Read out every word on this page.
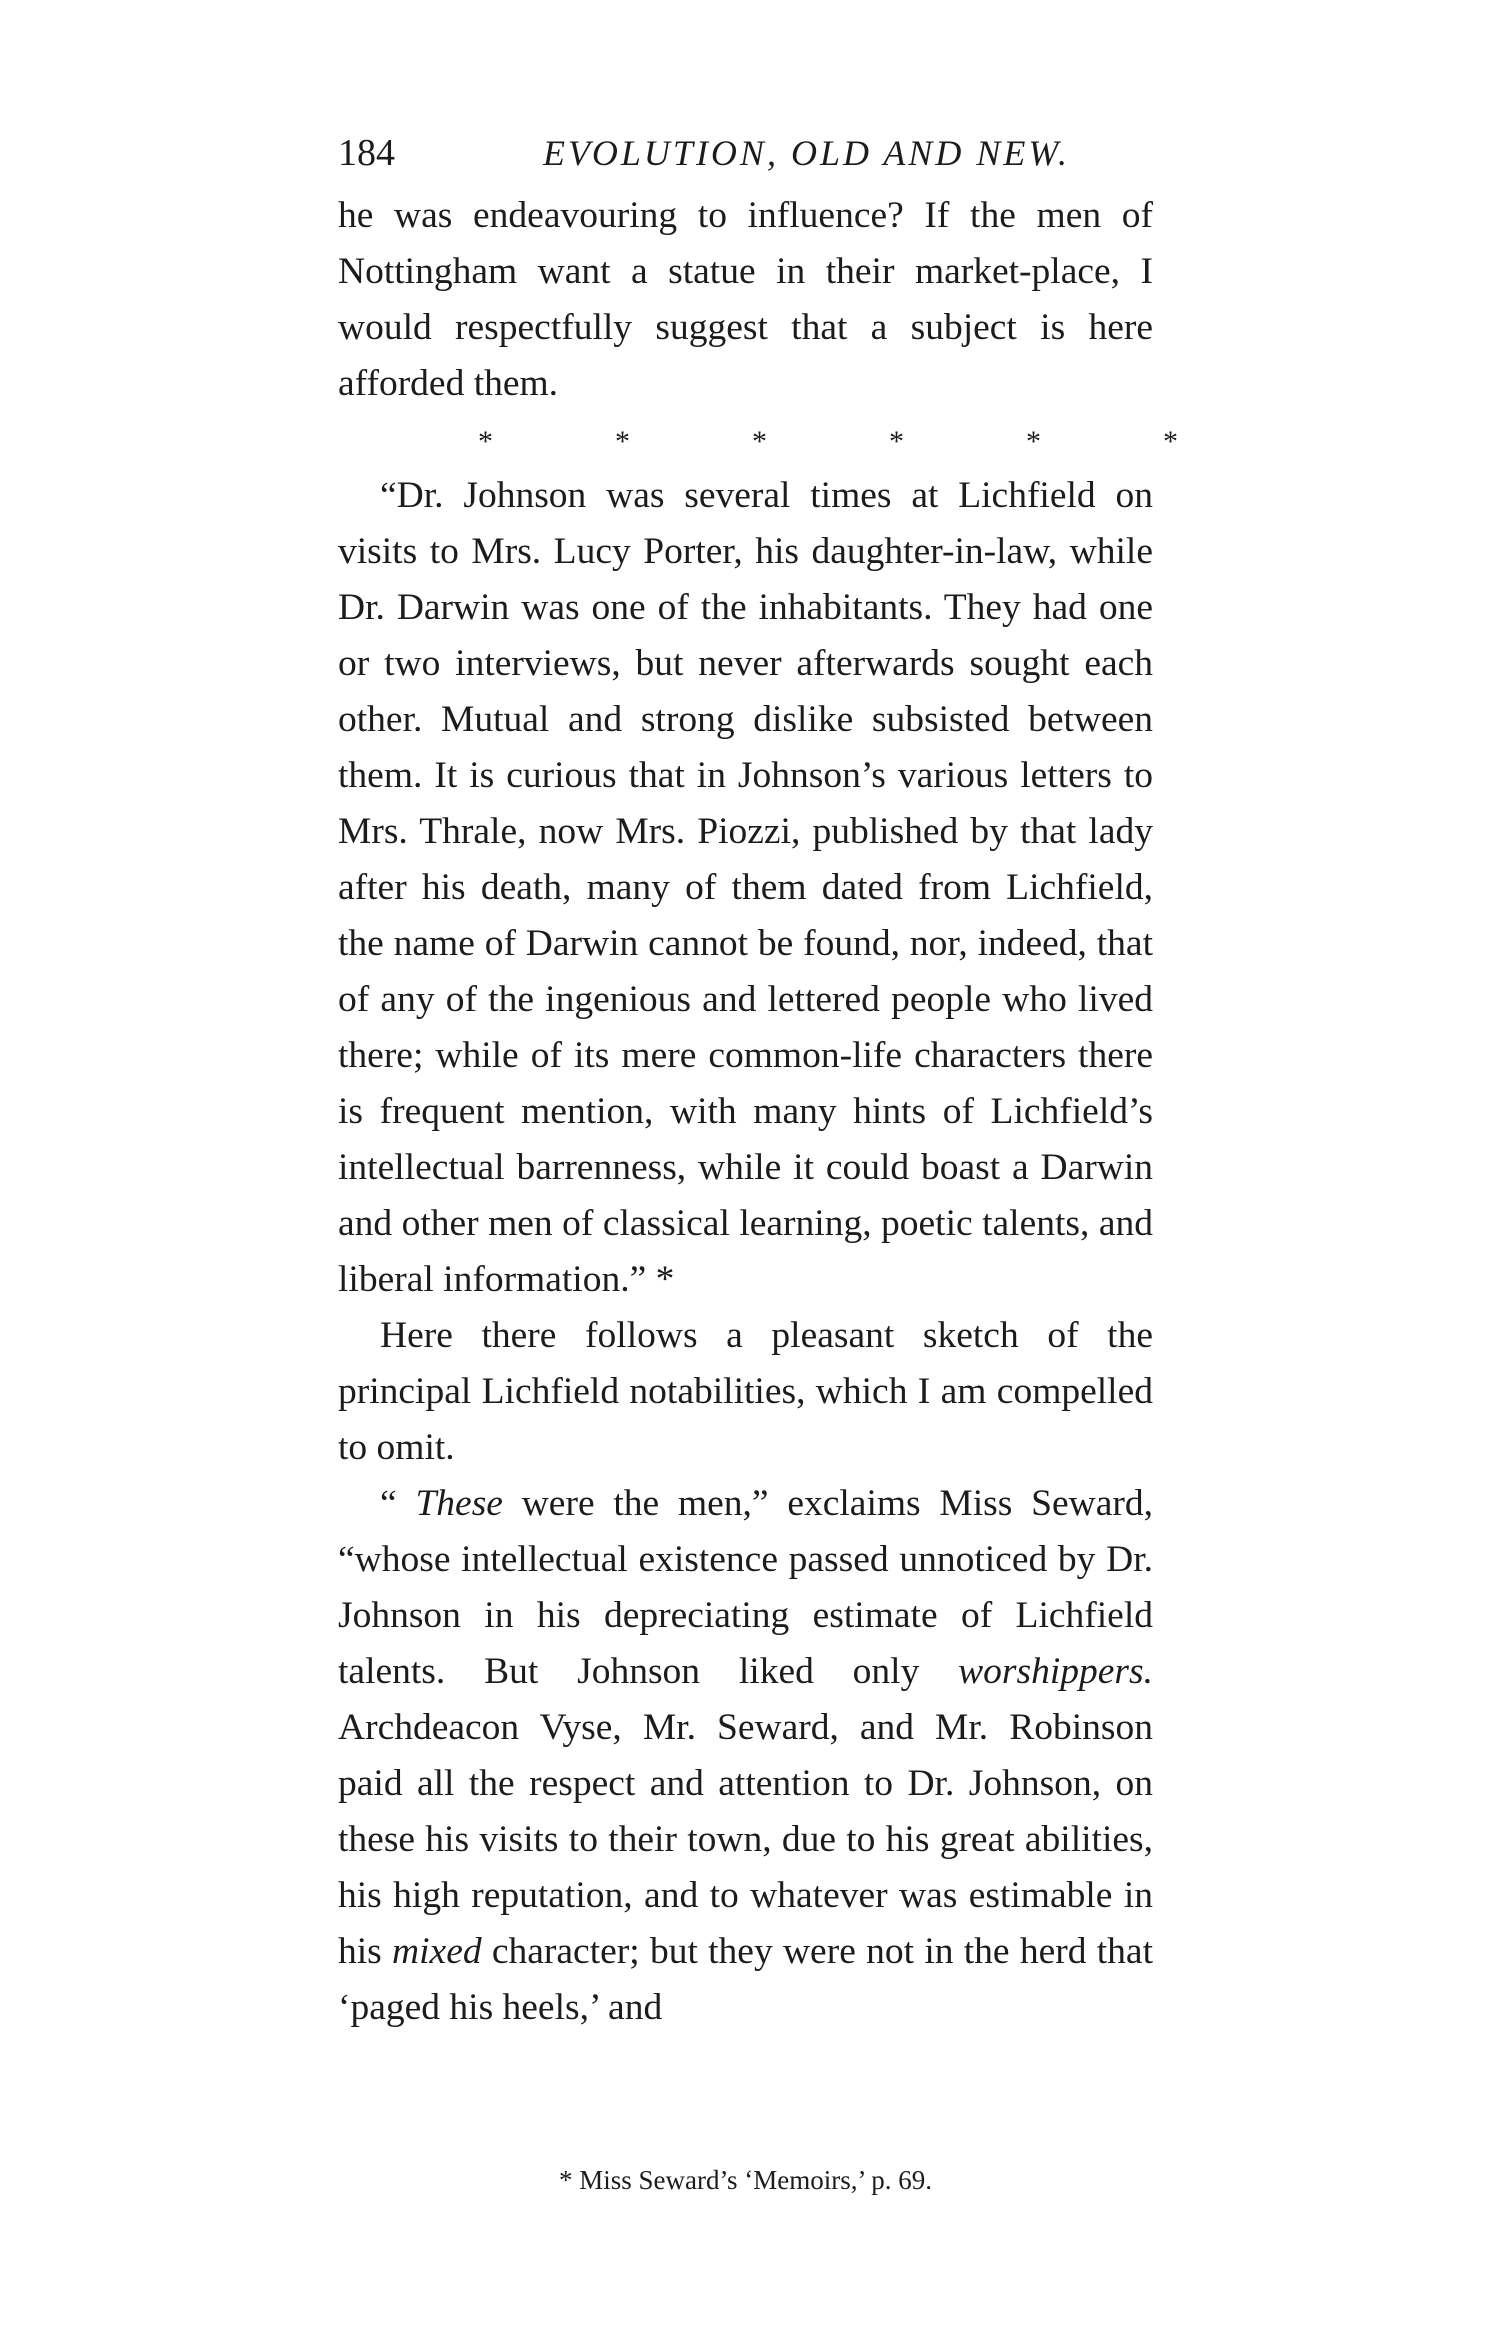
184	EVOLUTION, OLD AND NEW.

he was endeavouring to influence? If the men of Nottingham want a statue in their market-place, I would respectfully suggest that a subject is here afforded them.

*	*	*	*	*	*

“Dr. Johnson was several times at Lichfield on visits to Mrs. Lucy Porter, his daughter-in-law, while Dr. Darwin was one of the inhabitants. They had one or two interviews, but never afterwards sought each other. Mutual and strong dislike subsisted between them. It is curious that in Johnson’s various letters to Mrs. Thrale, now Mrs. Piozzi, published by that lady after his death, many of them dated from Lichfield, the name of Darwin cannot be found, nor, indeed, that of any of the ingenious and lettered people who lived there; while of its mere common-life characters there is frequent mention, with many hints of Lichfield’s intellectual barrenness, while it could boast a Darwin and other men of classical learning, poetic talents, and liberal information.” *

Here there follows a pleasant sketch of the principal Lichfield notabilities, which I am compelled to omit.

“ These were the men,” exclaims Miss Seward, “whose intellectual existence passed unnoticed by Dr. Johnson in his depreciating estimate of Lichfield talents. But Johnson liked only worshippers. Archdeacon Vyse, Mr. Seward, and Mr. Robinson paid all the respect and attention to Dr. Johnson, on these his visits to their town, due to his great abilities, his high reputation, and to whatever was estimable in his mixed character; but they were not in the herd that ‘paged his heels,’ and

* Miss Seward’s ‘Memoirs,’ p. 69.
